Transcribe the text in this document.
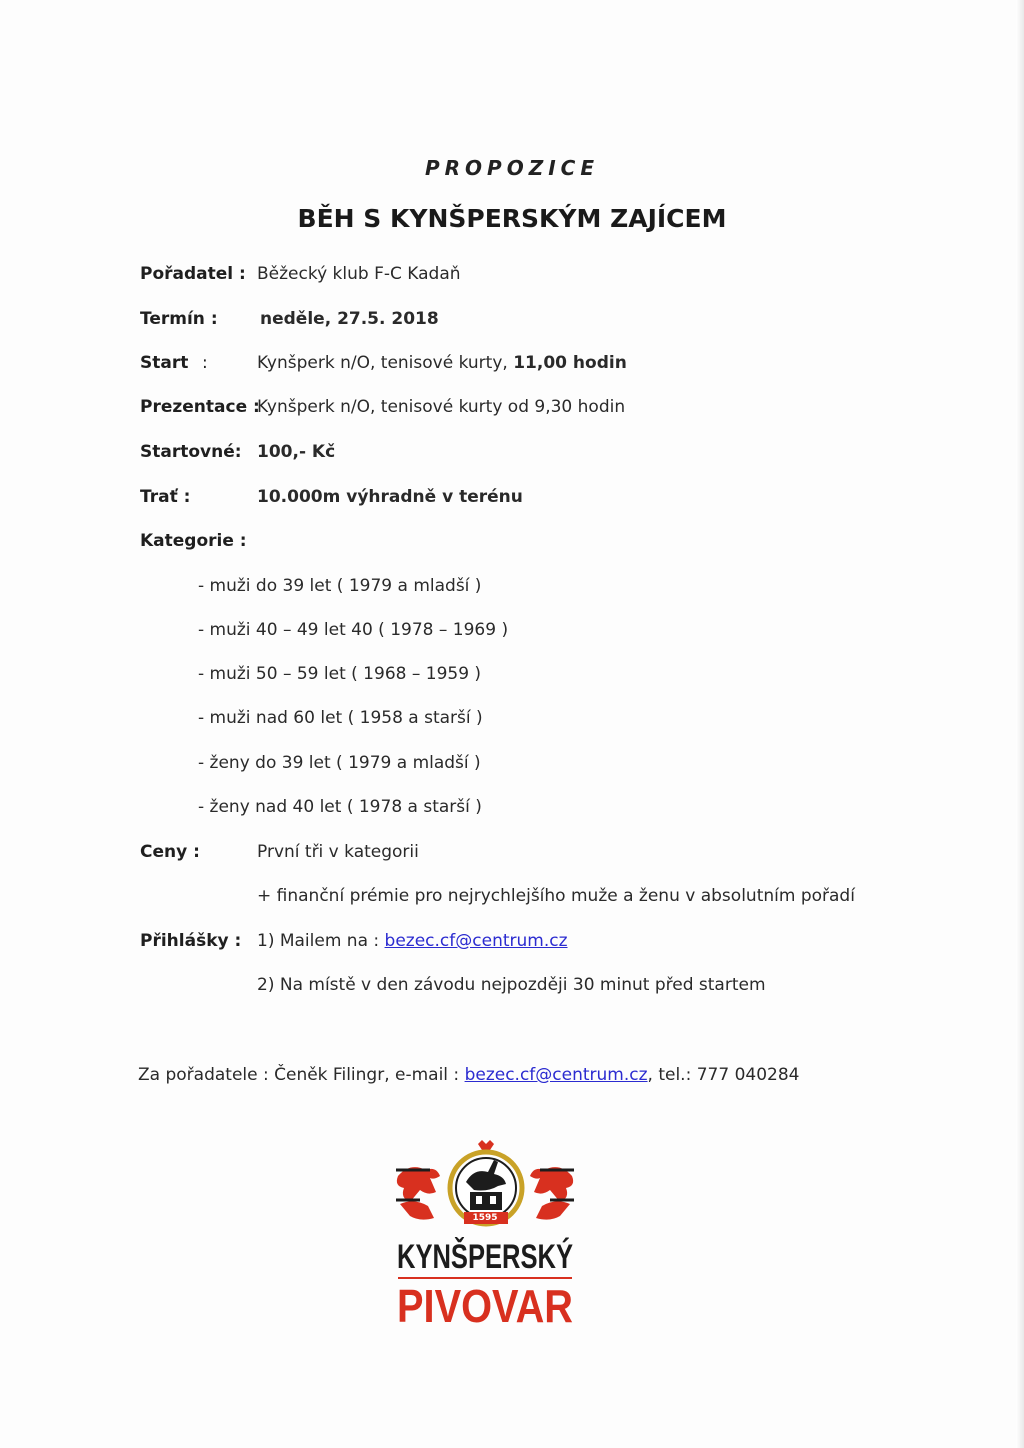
PROPOZICE
BĚH S KYNŠPERSKÝM ZAJÍCEM
Pořadatel : Běžecký klub F-C Kadaň
Termín : neděle, 27.5. 2018
Start :	Kynšperk n/O, tenisové kurty, 11,00 hodin
Prezentace :
Kynšperk n/O, tenisové kurty od 9,30 hodin
Startovné: 100,- Kč
Trať :	10.000m výhradně v terénu
Kategorie :
- muži do 39 let ( 1979 a mladší )
- muži 40 – 49 let 40 ( 1978 – 1969 )
- muži 50 – 59 let ( 1968 – 1959 )
- muži nad 60 let ( 1958 a starší )
- ženy do 39 let ( 1979 a mladší )
- ženy nad 40 let ( 1978 a starší )
Ceny :	První tři v kategorii
+ finanční prémie pro nejrychlejšího muže a ženu v absolutním pořadí
Přihlášky : 1) Mailem na : bezec.cf@centrum.cz
2) Na místě v den závodu nejpozději 30 minut před startem
Za pořadatele : Čeněk Filingr, e-mail : bezec.cf@centrum.cz, tel.: 777 040284
1595
KYNŠPERSKÝ
PIVOVAR
